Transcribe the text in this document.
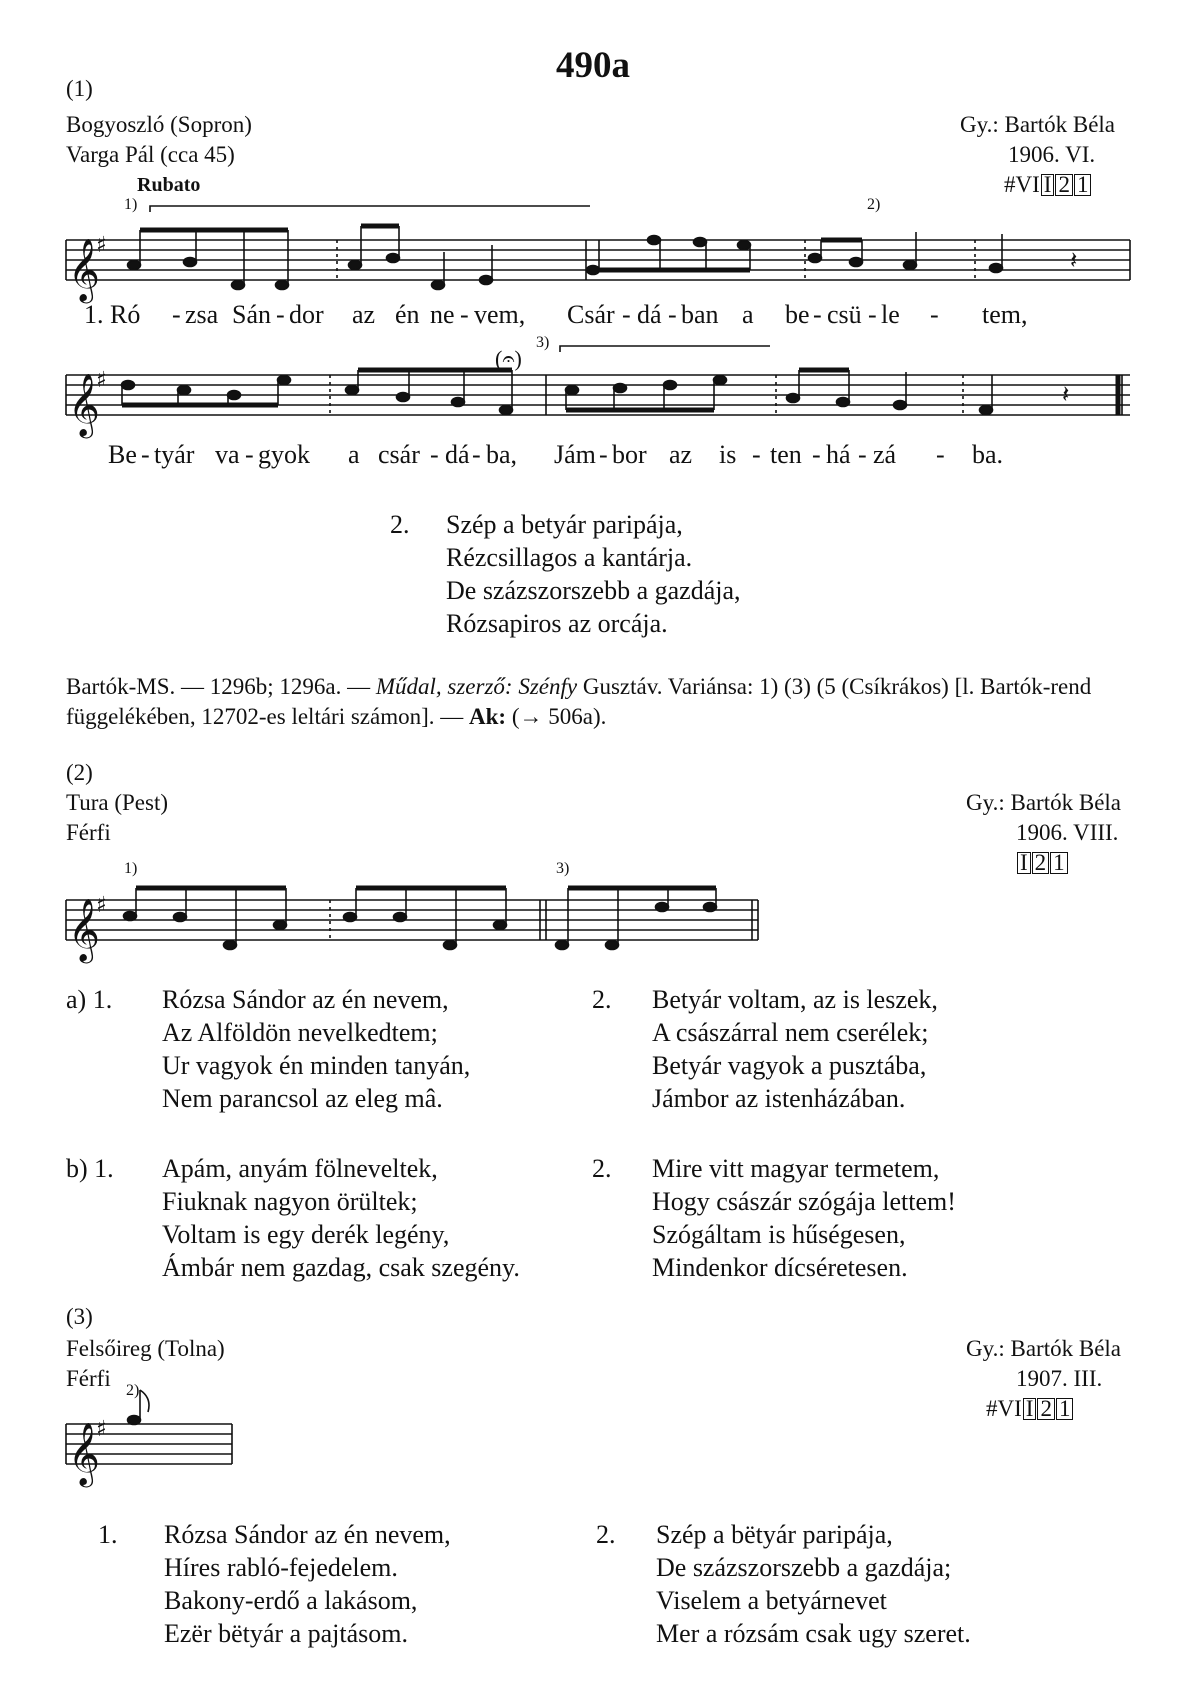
490a
(1)
Bogyoszló (Sopron)
Varga Pál (cca 45)
Rubato
Gy.: Bartók Béla
1906. VI.
#VI I 2 1
𝄞
♯
𝄞
♯
𝄞
♯
𝄞
♯
𝄽
𝄽
1)	2)
3)
(𝄐)
1. Ró - zsa Sán - dor az én ne - vem, Csár - dá - ban a be - csü - le - tem,
Be - tyár va - gyok a csár - dá - ba, Jám - bor az is - ten - há - zá - ba.
2. Szép a betyár paripája,
Rézcsillagos a kantárja.
De százszorszebb a gazdája,
Rózsapiros az orcája.
Bartók-MS. — 1296b; 1296a. — Műdal, szerző: Szénfy Gusztáv. Variánsa: 1) (3) (5 (Csíkrákos) [l. Bartók-rend
függelékében, 12702-es leltári számon]. — Ak: (→ 506a).
(2)
Tura (Pest)
Férfi
Gy.: Bartók Béla
1906. VIII.
I 2 1
1)	3)
a) 1. Rózsa Sándor az én nevem,
Az Alföldön nevelkedtem;
Ur vagyok én minden tanyán,
Nem parancsol az eleg mâ.
2. Betyár voltam, az is leszek,
A császárral nem cserélek;
Betyár vagyok a pusztába,
Jámbor az istenházában.
b) 1. Apám, anyám fölneveltek,
Fiuknak nagyon örültek;
Voltam is egy derék legény,
Ámbár nem gazdag, csak szegény.
2. Mire vitt magyar termetem,
Hogy császár szógája lettem!
Szógáltam is hűségesen,
Mindenkor dícséretesen.
(3)
Felsőireg (Tolna)
Férfi
Gy.: Bartók Béla
1907. III.
#VI I 2 1
2)
1. Rózsa Sándor az én nevem,
Híres rabló-fejedelem.
Bakony-erdő a lakásom,
Ezër bëtyár a pajtásom.
2. Szép a bëtyár paripája,
De százszorszebb a gazdája;
Viselem a betyárnevet
Mer a rózsám csak ugy szeret.
